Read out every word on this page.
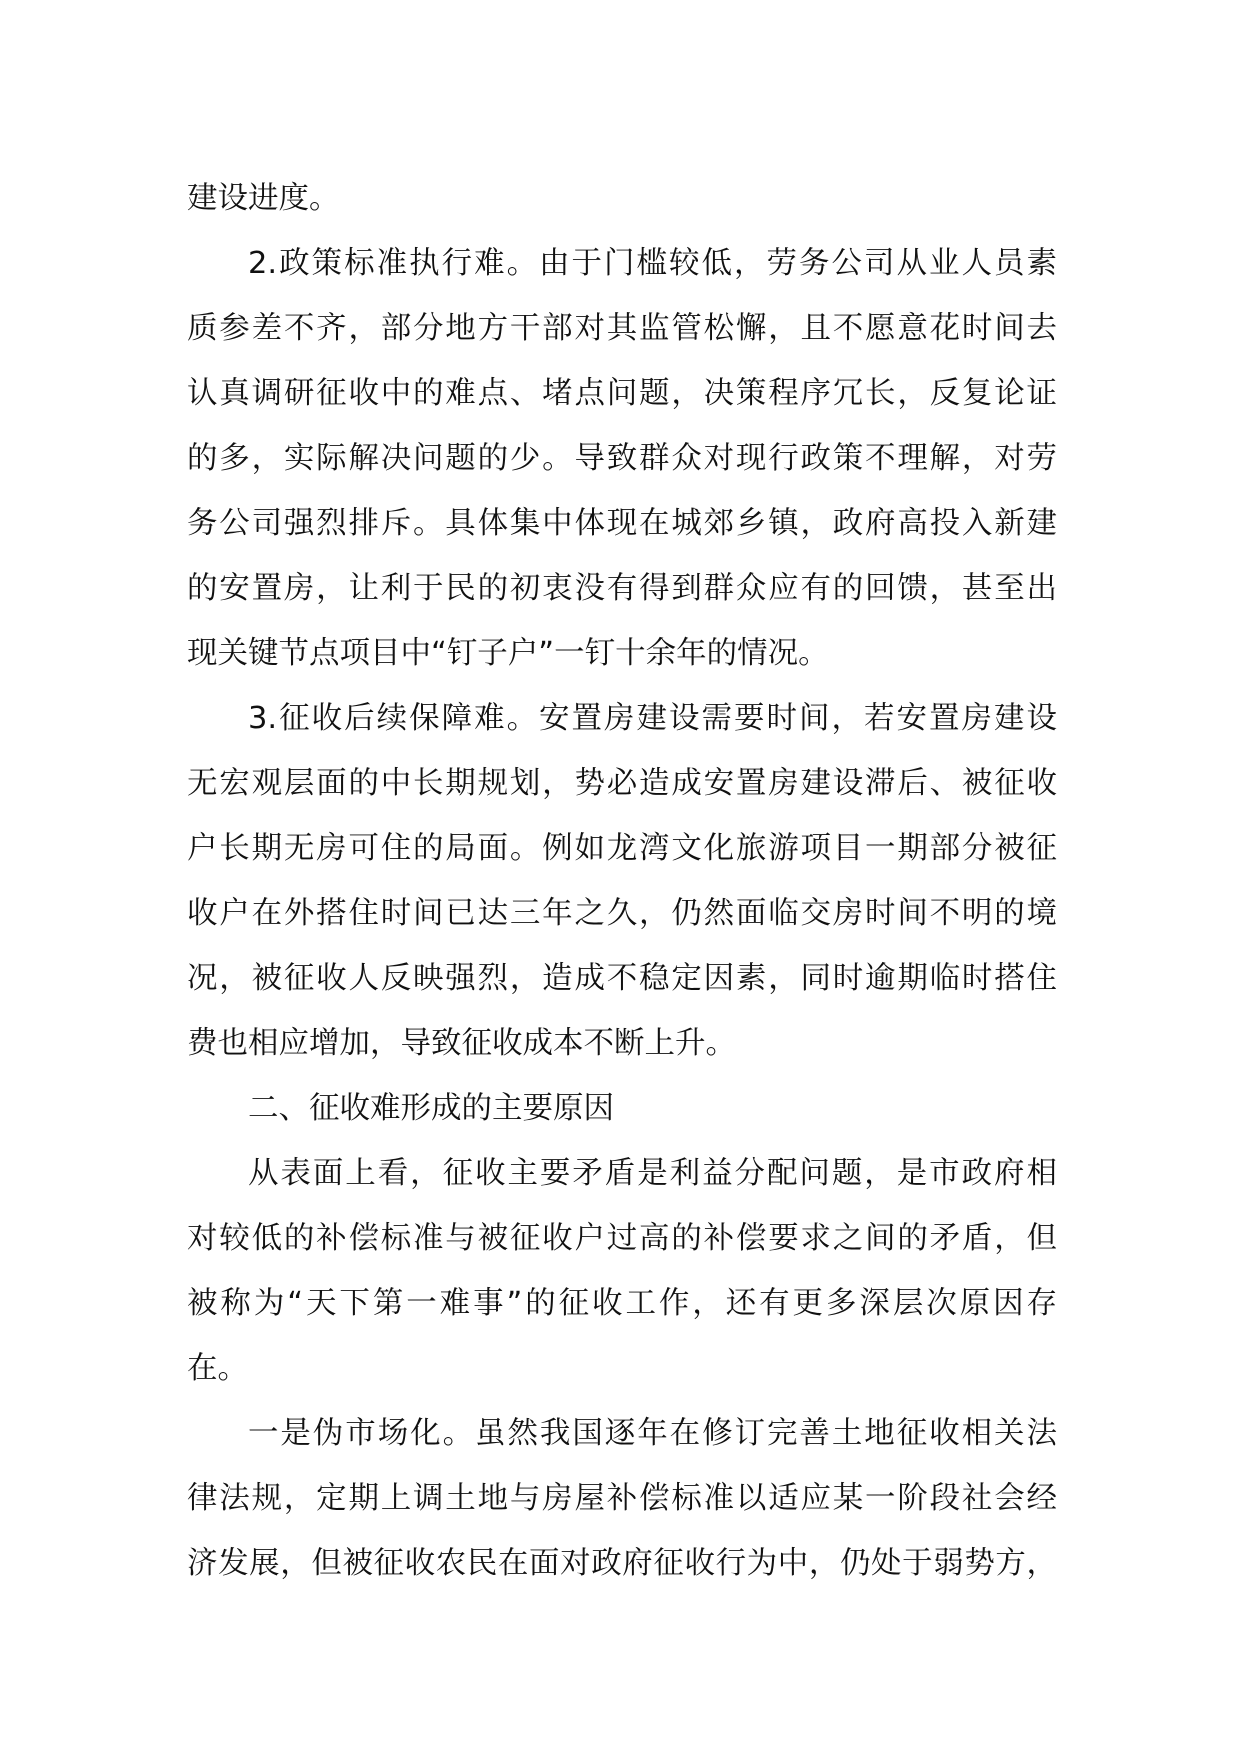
建设进度。
2.政策标准执行难。由于门槛较低，劳务公司从业人员素
质参差不齐，部分地方干部对其监管松懈，且不愿意花时间去
认真调研征收中的难点、堵点问题，决策程序冗长，反复论证
的多，实际解决问题的少。导致群众对现行政策不理解，对劳
务公司强烈排斥。具体集中体现在城郊乡镇，政府高投入新建
的安置房，让利于民的初衷没有得到群众应有的回馈，甚至出
现关键节点项目中“钉子户”一钉十余年的情况。
3.征收后续保障难。安置房建设需要时间，若安置房建设
无宏观层面的中长期规划，势必造成安置房建设滞后、被征收
户长期无房可住的局面。例如龙湾文化旅游项目一期部分被征
收户在外搭住时间已达三年之久，仍然面临交房时间不明的境
况，被征收人反映强烈，造成不稳定因素，同时逾期临时搭住
费也相应增加，导致征收成本不断上升。
二、征收难形成的主要原因
从表面上看，征收主要矛盾是利益分配问题，是市政府相
对较低的补偿标准与被征收户过高的补偿要求之间的矛盾，但
被称为“天下第一难事”的征收工作，还有更多深层次原因存
在。
一是伪市场化。虽然我国逐年在修订完善土地征收相关法
律法规，定期上调土地与房屋补偿标准以适应某一阶段社会经
济发展，但被征收农民在面对政府征收行为中，仍处于弱势方，
